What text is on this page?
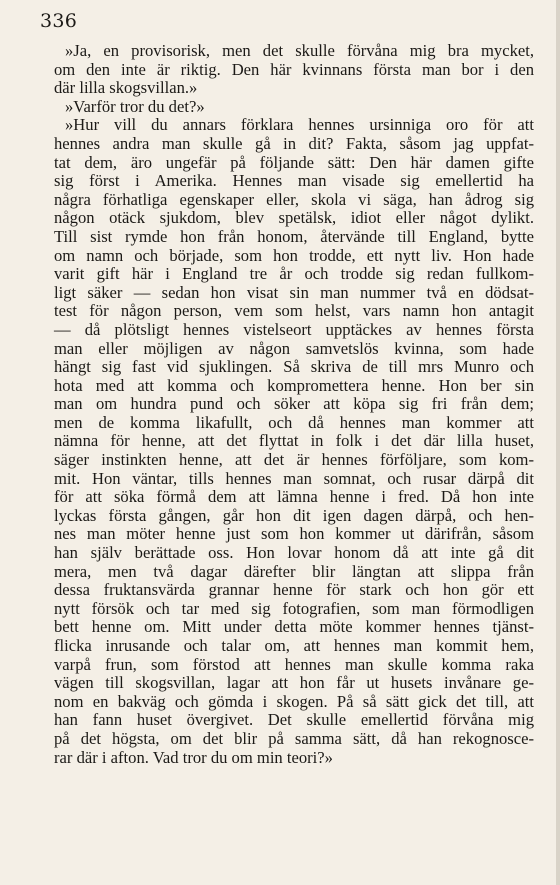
336
»Ja, en provisorisk, men det skulle förvåna mig bra mycket,
om den inte är riktig. Den här kvinnans första man bor i den
där lilla skogsvillan.»
»Varför tror du det?»
»Hur vill du annars förklara hennes ursinniga oro för att
hennes andra man skulle gå in dit? Fakta, såsom jag uppfat-
tat dem, äro ungefär på följande sätt: Den här damen gifte
sig först i Amerika. Hennes man visade sig emellertid ha
några förhatliga egenskaper eller, skola vi säga, han ådrog sig
någon otäck sjukdom, blev spetälsk, idiot eller något dylikt.
Till sist rymde hon från honom, återvände till England, bytte
om namn och började, som hon trodde, ett nytt liv. Hon hade
varit gift här i England tre år och trodde sig redan fullkom-
ligt säker — sedan hon visat sin man nummer två en dödsat-
test för någon person, vem som helst, vars namn hon antagit
— då plötsligt hennes vistelseort upptäckes av hennes första
man eller möjligen av någon samvetslös kvinna, som hade
hängt sig fast vid sjuklingen. Så skriva de till mrs Munro och
hota med att komma och kompromettera henne. Hon ber sin
man om hundra pund och söker att köpa sig fri från dem;
men de komma likafullt, och då hennes man kommer att
nämna för henne, att det flyttat in folk i det där lilla huset,
säger instinkten henne, att det är hennes förföljare, som kom-
mit. Hon väntar, tills hennes man somnat, och rusar därpå dit
för att söka förmå dem att lämna henne i fred. Då hon inte
lyckas första gången, går hon dit igen dagen därpå, och hen-
nes man möter henne just som hon kommer ut därifrån, såsom
han själv berättade oss. Hon lovar honom då att inte gå dit
mera, men två dagar därefter blir längtan att slippa från
dessa fruktansvärda grannar henne för stark och hon gör ett
nytt försök och tar med sig fotografien, som man förmodligen
bett henne om. Mitt under detta möte kommer hennes tjänst-
flicka inrusande och talar om, att hennes man kommit hem,
varpå frun, som förstod att hennes man skulle komma raka
vägen till skogsvillan, lagar att hon får ut husets invånare ge-
nom en bakväg och gömda i skogen. På så sätt gick det till, att
han fann huset övergivet. Det skulle emellertid förvåna mig
på det högsta, om det blir på samma sätt, då han rekognosce-
rar där i afton. Vad tror du om min teori?»
